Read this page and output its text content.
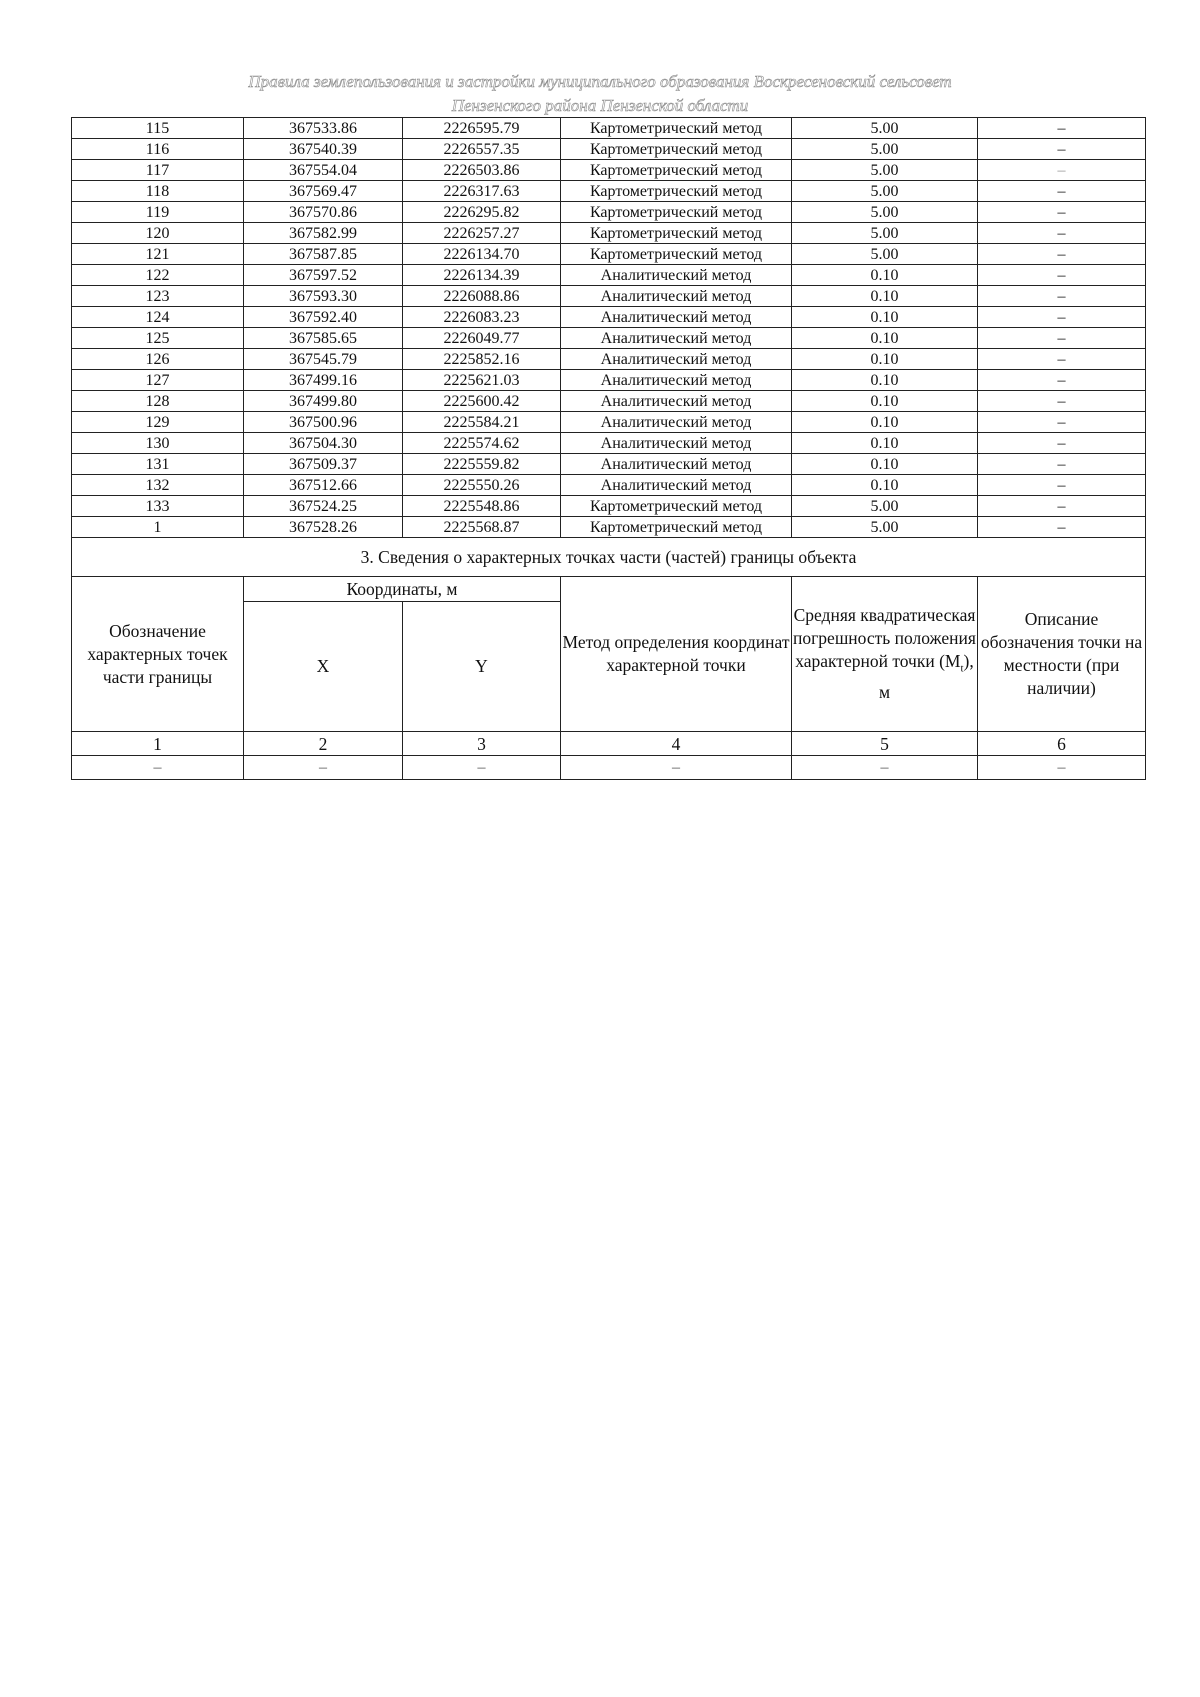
Правила землепользования и застройки муниципального образования Воскресеновский сельсовет
Пензенского района Пензенской области
115	367533.86	2226595.79	Картометрический метод	5.00	–
116	367540.39	2226557.35	Картометрический метод	5.00	–
117	367554.04	2226503.86	Картометрический метод	5.00	–
118	367569.47	2226317.63	Картометрический метод	5.00	–
119	367570.86	2226295.82	Картометрический метод	5.00	–
120	367582.99	2226257.27	Картометрический метод	5.00	–
121	367587.85	2226134.70	Картометрический метод	5.00	–
122	367597.52	2226134.39	Аналитический метод	0.10	–
123	367593.30	2226088.86	Аналитический метод	0.10	–
124	367592.40	2226083.23	Аналитический метод	0.10	–
125	367585.65	2226049.77	Аналитический метод	0.10	–
126	367545.79	2225852.16	Аналитический метод	0.10	–
127	367499.16	2225621.03	Аналитический метод	0.10	–
128	367499.80	2225600.42	Аналитический метод	0.10	–
129	367500.96	2225584.21	Аналитический метод	0.10	–
130	367504.30	2225574.62	Аналитический метод	0.10	–
131	367509.37	2225559.82	Аналитический метод	0.10	–
132	367512.66	2225550.26	Аналитический метод	0.10	–
133	367524.25	2225548.86	Картометрический метод	5.00	–
1	367528.26	2225568.87	Картометрический метод	5.00	–
3. Сведения о характерных точках части (частей) границы объекта					
Обозначение характерных точек части границы	Координаты, м		Метод определения координат характерной точки	Средняя квадратическая погрешность положения характерной точки $(M_t)$, м	Описание обозначения точки на местности (при наличии)
	X	Y			
1	2	3	4	5	6
–	–	–	–	–	–
